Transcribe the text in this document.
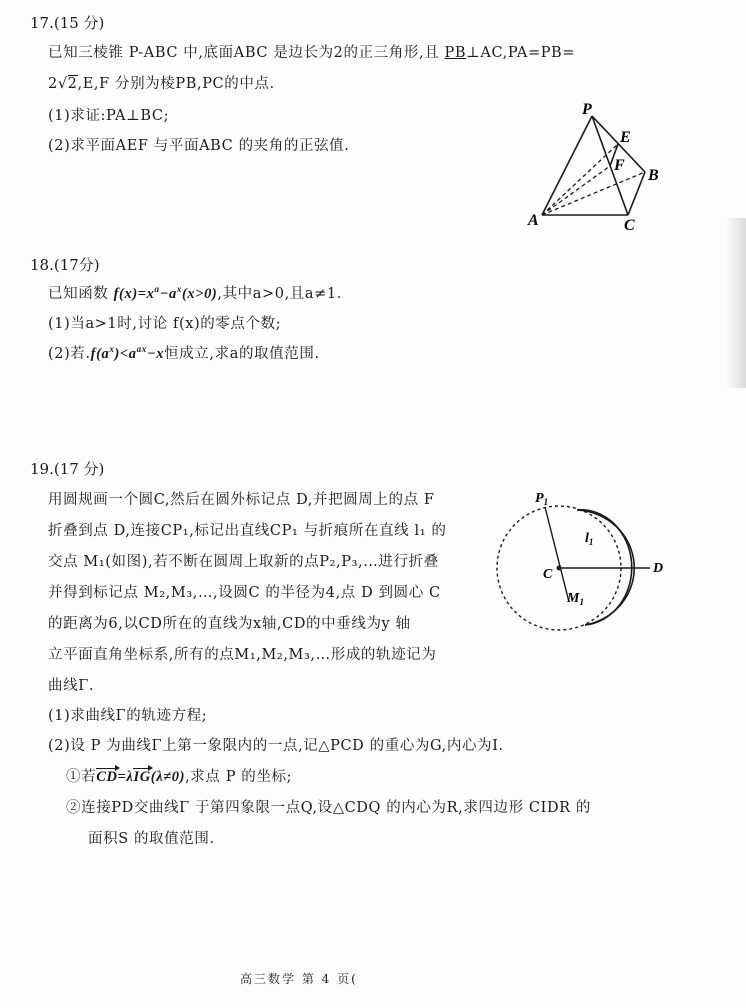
17.(15 分)
已知三棱锥 P-ABC 中,底面ABC 是边长为2的正三角形,且 PB⊥AC,PA=PB=
2√2,E,F 分别为棱PB,PC的中点.
(1)求证:PA⊥BC;
(2)求平面AEF 与平面ABC 的夹角的正弦值.
P
E
F
B
A	C
18.(17分)
已知函数 $f(x)=x^a-a^x(x>0)$,其中a>0,且a≠1.
(1)当a>1时,讨论 f(x)的零点个数;
(2)若$.f(a^x)<a^{ax}-x$恒成立,求a的取值范围.
19.(17 分)
用圆规画一个圆C,然后在圆外标记点 D,并把圆周上的点 F
折叠到点 D,连接CP₁,标记出直线CP₁ 与折痕所在直线 l₁ 的
交点 M₁(如图),若不断在圆周上取新的点P₂,P₃,…进行折叠
并得到标记点 M₂,M₃,…,设圆C 的半径为4,点 D 到圆心 C
的距离为6,以CD所在的直线为x轴,CD的中垂线为y 轴
立平面直角坐标系,所有的点M₁,M₂,M₃,…形成的轨迹记为
曲线Γ.
(1)求曲线Γ的轨迹方程;
(2)设 P 为曲线Γ上第一象限内的一点,记△PCD 的重心为G,内心为I.
①若CD=λIG(λ≠0),求点 P 的坐标;
②连接PD交曲线Γ 于第四象限一点Q,设△CDQ 的内心为R,求四边形 CIDR 的
面积S 的取值范围.
$P_1$
$l_1$
C	D
$M_1$
高三数学 第 4 页(
